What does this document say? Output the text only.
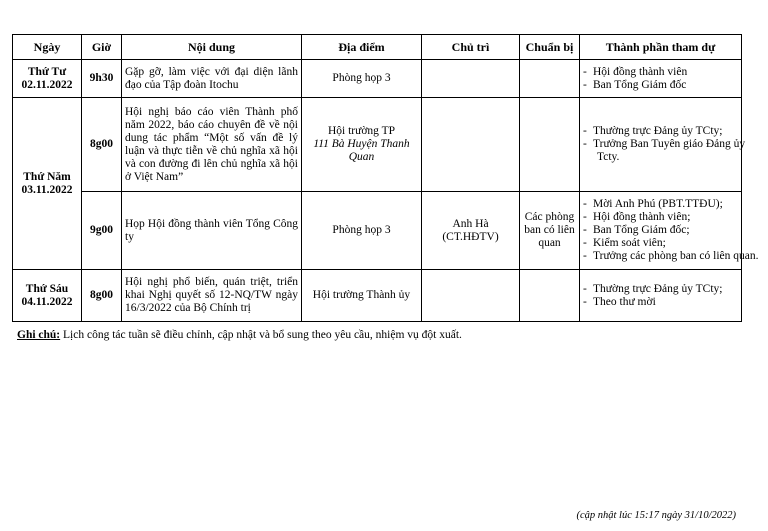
Ngày	Giờ	Nội dung	Địa điểm	Chủ trì	Chuẩn bị	Thành phần tham dự

Thứ Tư
02.11.2022	9h30	Gặp gỡ, làm việc với đại diện lãnh đạo của Tập đoàn Itochu	Phòng họp 3			- Hội đồng thành viên
- Ban Tổng Giám đốc

Thứ Năm
03.11.2022	8g00	Hội nghị báo cáo viên Thành phố năm 2022, báo cáo chuyên đề về nội dung tác phẩm “Một số vấn đề lý luận và thực tiễn về chủ nghĩa xã hội và con đường đi lên chủ nghĩa xã hội ở Việt Nam”	Hội trường TP
111 Bà Huyện Thanh Quan			- Thường trực Đảng ủy TCty;
- Trưởng Ban Tuyên giáo Đảng ủy
Tcty.

	9g00	Họp Hội đồng thành viên Tổng Công ty	Phòng họp 3	Anh Hà
(CT.HĐTV)	Các phòng ban có liên quan	- Mời Anh Phú (PBT.TTĐU);
- Hội đồng thành viên;
- Ban Tổng Giám đốc;
- Kiểm soát viên;
- Trưởng các phòng ban có liên quan.

Thứ Sáu
04.11.2022	8g00	Hội nghị phổ biến, quán triệt, triển khai Nghị quyết số 12-NQ/TW ngày 16/3/2022 của Bộ Chính trị	Hội trường Thành ủy			- Thường trực Đảng ủy TCty;
- Theo thư mời
Ghi chú: Lịch công tác tuần sẽ điều chỉnh, cập nhật và bổ sung theo yêu cầu, nhiệm vụ đột xuất.
(cập nhật lúc 15:17 ngày 31/10/2022)
